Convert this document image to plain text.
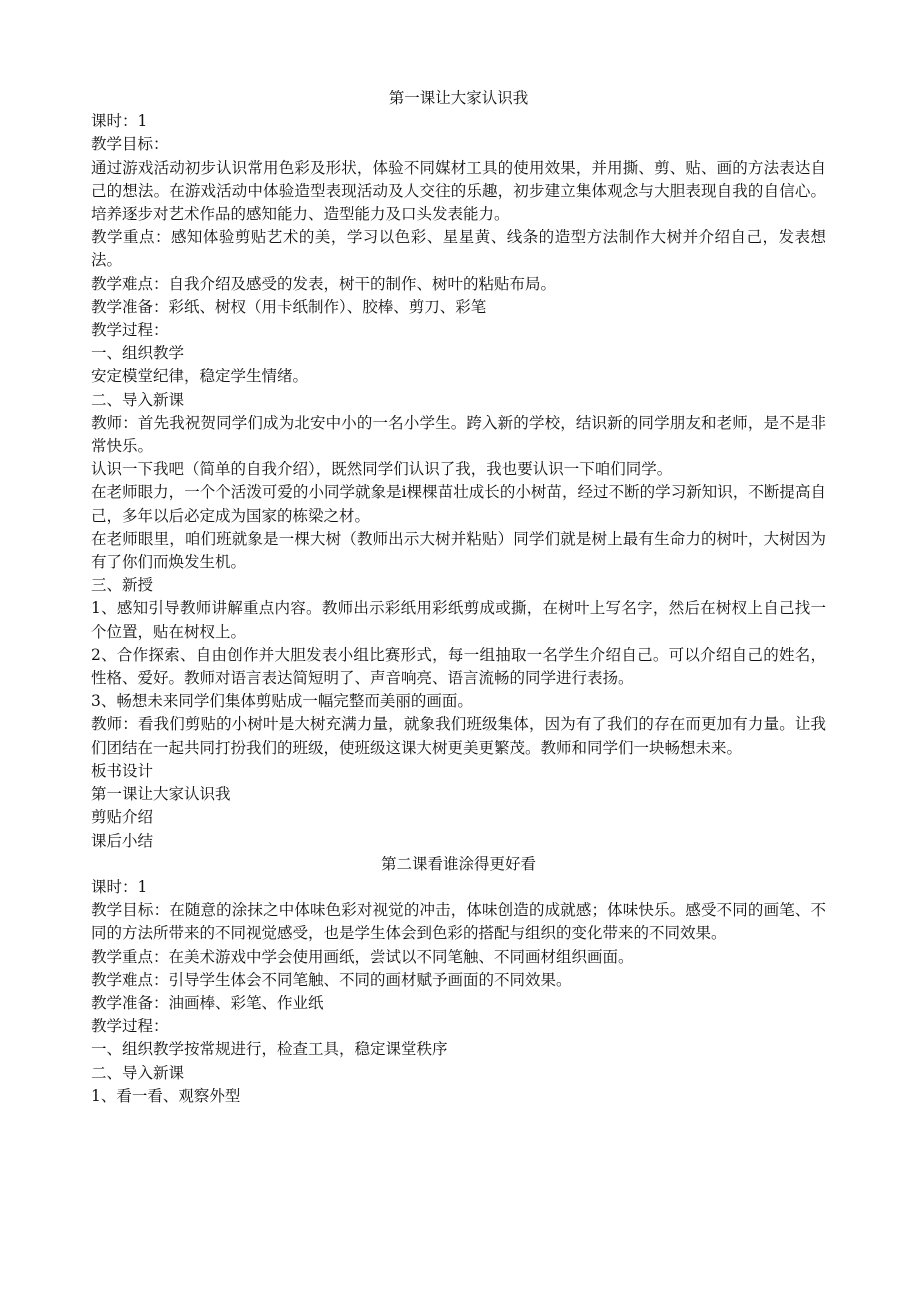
第一课让大家认识我

课时：1

教学目标：

通过游戏活动初步认识常用色彩及形状，体验不同媒材工具的使用效果，并用撕、剪、贴、画的方法表达自己的想法。在游戏活动中体验造型表现活动及人交往的乐趣，初步建立集体观念与大胆表现自我的自信心。培养逐步对艺术作品的感知能力、造型能力及口头发表能力。

教学重点：感知体验剪贴艺术的美，学习以色彩、星星黄、线条的造型方法制作大树并介绍自己，发表想法。

教学难点：自我介绍及感受的发表，树干的制作、树叶的粘贴布局。

教学准备：彩纸、树杈（用卡纸制作）、胶棒、剪刀、彩笔

教学过程：

一、组织教学

安定模堂纪律，稳定学生情绪。

二、导入新课

教师：首先我祝贺同学们成为北安中小的一名小学生。跨入新的学校，结识新的同学朋友和老师，是不是非常快乐。

认识一下我吧（简单的自我介绍），既然同学们认识了我，我也要认识一下咱们同学。

在老师眼力，一个个活泼可爱的小同学就象是i棵棵苗壮成长的小树苗，经过不断的学习新知识，不断提高自己，多年以后必定成为国家的栋梁之材。

在老师眼里，咱们班就象是一棵大树（教师出示大树并粘贴）同学们就是树上最有生命力的树叶，大树因为有了你们而焕发生机。

三、新授

1、感知引导教师讲解重点内容。教师出示彩纸用彩纸剪成或撕，在树叶上写名字，然后在树杈上自己找一个位置，贴在树杈上。

2、合作探索、自由创作并大胆发表小组比赛形式，每一组抽取一名学生介绍自己。可以介绍自己的姓名，性格、爱好。教师对语言表达简短明了、声音响亮、语言流畅的同学进行表扬。

3、畅想未来同学们集体剪贴成一幅完整而美丽的画面。

教师：看我们剪贴的小树叶是大树充满力量，就象我们班级集体，因为有了我们的存在而更加有力量。让我们团结在一起共同打扮我们的班级，使班级这课大树更美更繁茂。教师和同学们一块畅想未来。

板书设计

第一课让大家认识我

剪贴介绍

课后小结

第二课看谁涂得更好看

课时：1

教学目标：在随意的涂抹之中体味色彩对视觉的冲击，体味创造的成就感；体味快乐。感受不同的画笔、不同的方法所带来的不同视觉感受，也是学生体会到色彩的搭配与组织的变化带来的不同效果。

教学重点：在美术游戏中学会使用画纸，尝试以不同笔触、不同画材组织画面。

教学难点：引导学生体会不同笔触、不同的画材赋予画面的不同效果。

教学准备：油画棒、彩笔、作业纸

教学过程：

一、组织教学按常规进行，检查工具，稳定课堂秩序

二、导入新课

1、看一看、观察外型
